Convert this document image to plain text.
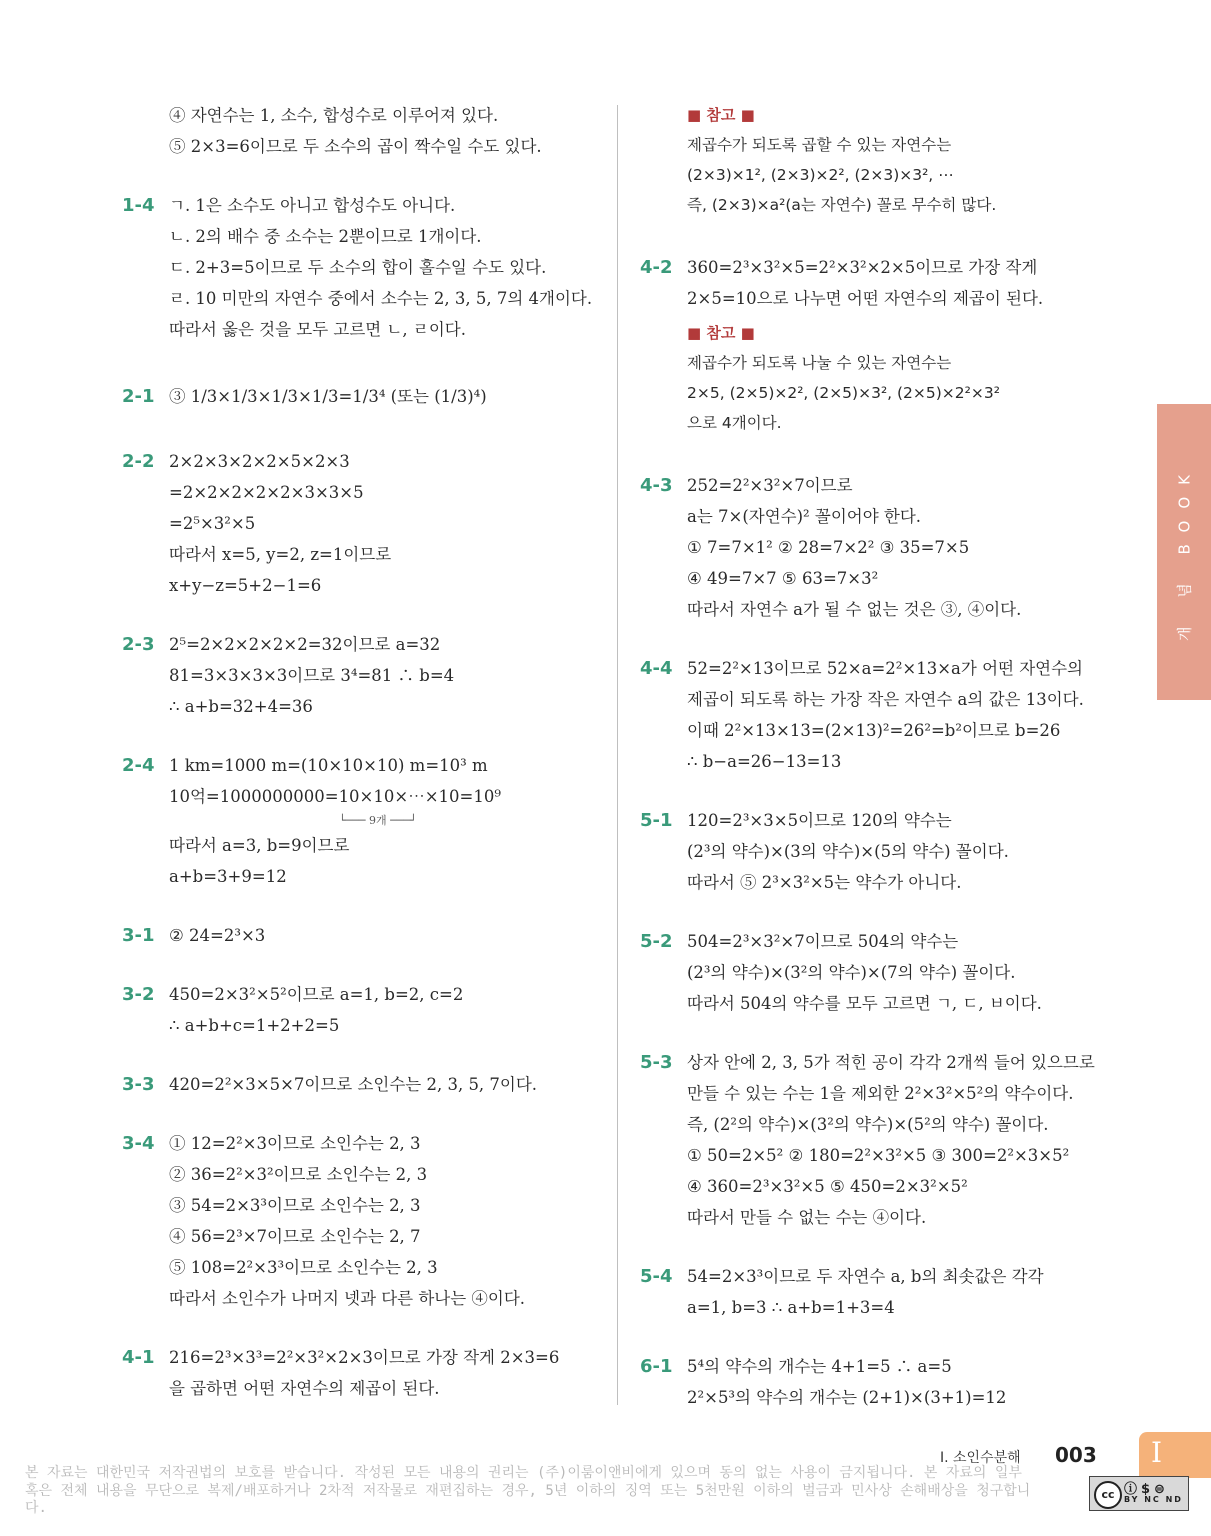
④ 자연수는 1, 소수, 합성수로 이루어져 있다.
⑤ 2×3=6이므로 두 소수의 곱이 짝수일 수도 있다.
1-4 ㄱ. 1은 소수도 아니고 합성수도 아니다.
ㄴ. 2의 배수 중 소수는 2뿐이므로 1개이다.
ㄷ. 2+3=5이므로 두 소수의 합이 홀수일 수도 있다.
ㄹ. 10 미만의 자연수 중에서 소수는 2, 3, 5, 7의 4개이다.
따라서 옳은 것을 모두 고르면 ㄴ, ㄹ이다.
2-1 ③ 1/3×1/3×1/3×1/3=1/3⁴ (또는 (1/3)⁴)
2-2 2×2×3×2×2×5×2×3
=2×2×2×2×2×3×3×5
=2⁵×3²×5
따라서 x=5, y=2, z=1이므로
x+y−z=5+2−1=6
2-3 2⁵=2×2×2×2×2=32이므로 a=32
81=3×3×3×3이므로 3⁴=81 ∴ b=4
∴ a+b=32+4=36
2-4 1 km=1000 m=(10×10×10) m=10³ m
10억=1000000000=10×10×⋯×10=10⁹
└─── 9개 ───┘
따라서 a=3, b=9이므로
a+b=3+9=12
3-1 ② 24=2³×3
3-2 450=2×3²×5²이므로 a=1, b=2, c=2
∴ a+b+c=1+2+2=5
3-3 420=2²×3×5×7이므로 소인수는 2, 3, 5, 7이다.
3-4 ① 12=2²×3이므로 소인수는 2, 3
② 36=2²×3²이므로 소인수는 2, 3
③ 54=2×3³이므로 소인수는 2, 3
④ 56=2³×7이므로 소인수는 2, 7
⑤ 108=2²×3³이므로 소인수는 2, 3
따라서 소인수가 나머지 넷과 다른 하나는 ④이다.
4-1 216=2³×3³=2²×3²×2×3이므로 가장 작게 2×3=6
을 곱하면 어떤 자연수의 제곱이 된다.
■ 참고 ■
제곱수가 되도록 곱할 수 있는 자연수는
(2×3)×1², (2×3)×2², (2×3)×3², ⋯
즉, (2×3)×a²(a는 자연수) 꼴로 무수히 많다.
4-2 360=2³×3²×5=2²×3²×2×5이므로 가장 작게
2×5=10으로 나누면 어떤 자연수의 제곱이 된다.
■ 참고 ■
제곱수가 되도록 나눌 수 있는 자연수는
2×5, (2×5)×2², (2×5)×3², (2×5)×2²×3²
으로 4개이다.
4-3 252=2²×3²×7이므로
a는 7×(자연수)² 꼴이어야 한다.
① 7=7×1² ② 28=7×2² ③ 35=7×5
④ 49=7×7 ⑤ 63=7×3²
따라서 자연수 a가 될 수 없는 것은 ③, ④이다.
4-4 52=2²×13이므로 52×a=2²×13×a가 어떤 자연수의
제곱이 되도록 하는 가장 작은 자연수 a의 값은 13이다.
이때 2²×13×13=(2×13)²=26²=b²이므로 b=26
∴ b−a=26−13=13
5-1 120=2³×3×5이므로 120의 약수는
(2³의 약수)×(3의 약수)×(5의 약수) 꼴이다.
따라서 ⑤ 2³×3²×5는 약수가 아니다.
5-2 504=2³×3²×7이므로 504의 약수는
(2³의 약수)×(3²의 약수)×(7의 약수) 꼴이다.
따라서 504의 약수를 모두 고르면 ㄱ, ㄷ, ㅂ이다.
5-3 상자 안에 2, 3, 5가 적힌 공이 각각 2개씩 들어 있으므로
만들 수 있는 수는 1을 제외한 2²×3²×5²의 약수이다.
즉, (2²의 약수)×(3²의 약수)×(5²의 약수) 꼴이다.
① 50=2×5² ② 180=2²×3²×5 ③ 300=2²×3×5²
④ 360=2³×3²×5 ⑤ 450=2×3²×5²
따라서 만들 수 없는 수는 ④이다.
5-4 54=2×3³이므로 두 자연수 a, b의 최솟값은 각각
a=1, b=3 ∴ a+b=1+3=4
6-1 5⁴의 약수의 개수는 4+1=5 ∴ a=5
2²×5³의 약수의 개수는 (2+1)×(3+1)=12
개 념 BOOK
Ⅰ. 소인수분해 003 Ⅰ
본 자료는 대한민국 저작권법의 보호를 받습니다. 작성된 모든 내용의 권리는 (주)이룸이앤비에게 있으며 동의 없는 사용이 금지됩니다. 본 자료의 일부 혹은 전체 내용을 무단으로 복제/배포하거나 2차적 저작물로 재편집하는 경우, 5년 이하의 징역 또는 5천만원 이하의 벌금과 민사상 손해배상을 청구합니다.
cc ⓘ$⊜
BY NC ND
